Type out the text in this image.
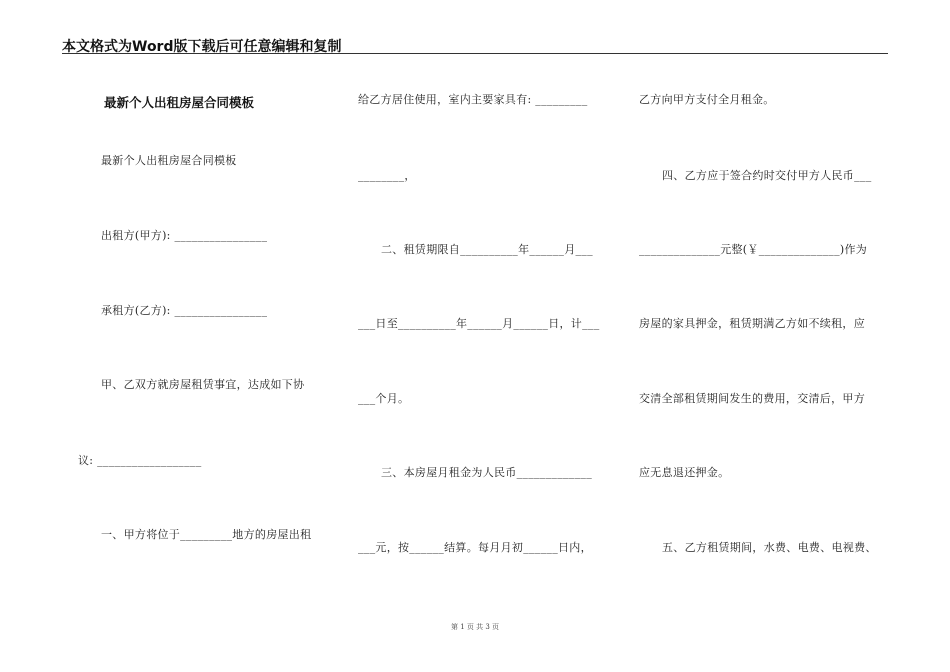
本文格式为Word版下载后可任意编辑和复制
最新个人出租房屋合同模板
最新个人出租房屋合同模板
出租方(甲方): ________________
承租方(乙方): ________________
甲、乙双方就房屋租赁事宜，达成如下协
议: __________________
一、甲方将位于_________地方的房屋出租
给乙方居住使用，室内主要家具有: _________
________，
二、租赁期限自__________年______月___
___日至__________年______月______日，计___
___个月。
三、本房屋月租金为人民币_____________
___元，按______结算。每月月初______日内，
乙方向甲方支付全月租金。
四、乙方应于签合约时交付甲方人民币___
______________元整(￥______________)作为
房屋的家具押金，租赁期满乙方如不续租，应
交清全部租赁期间发生的费用，交清后，甲方
应无息退还押金。
五、乙方租赁期间，水费、电费、电视费、
第 1 页 共 3 页
